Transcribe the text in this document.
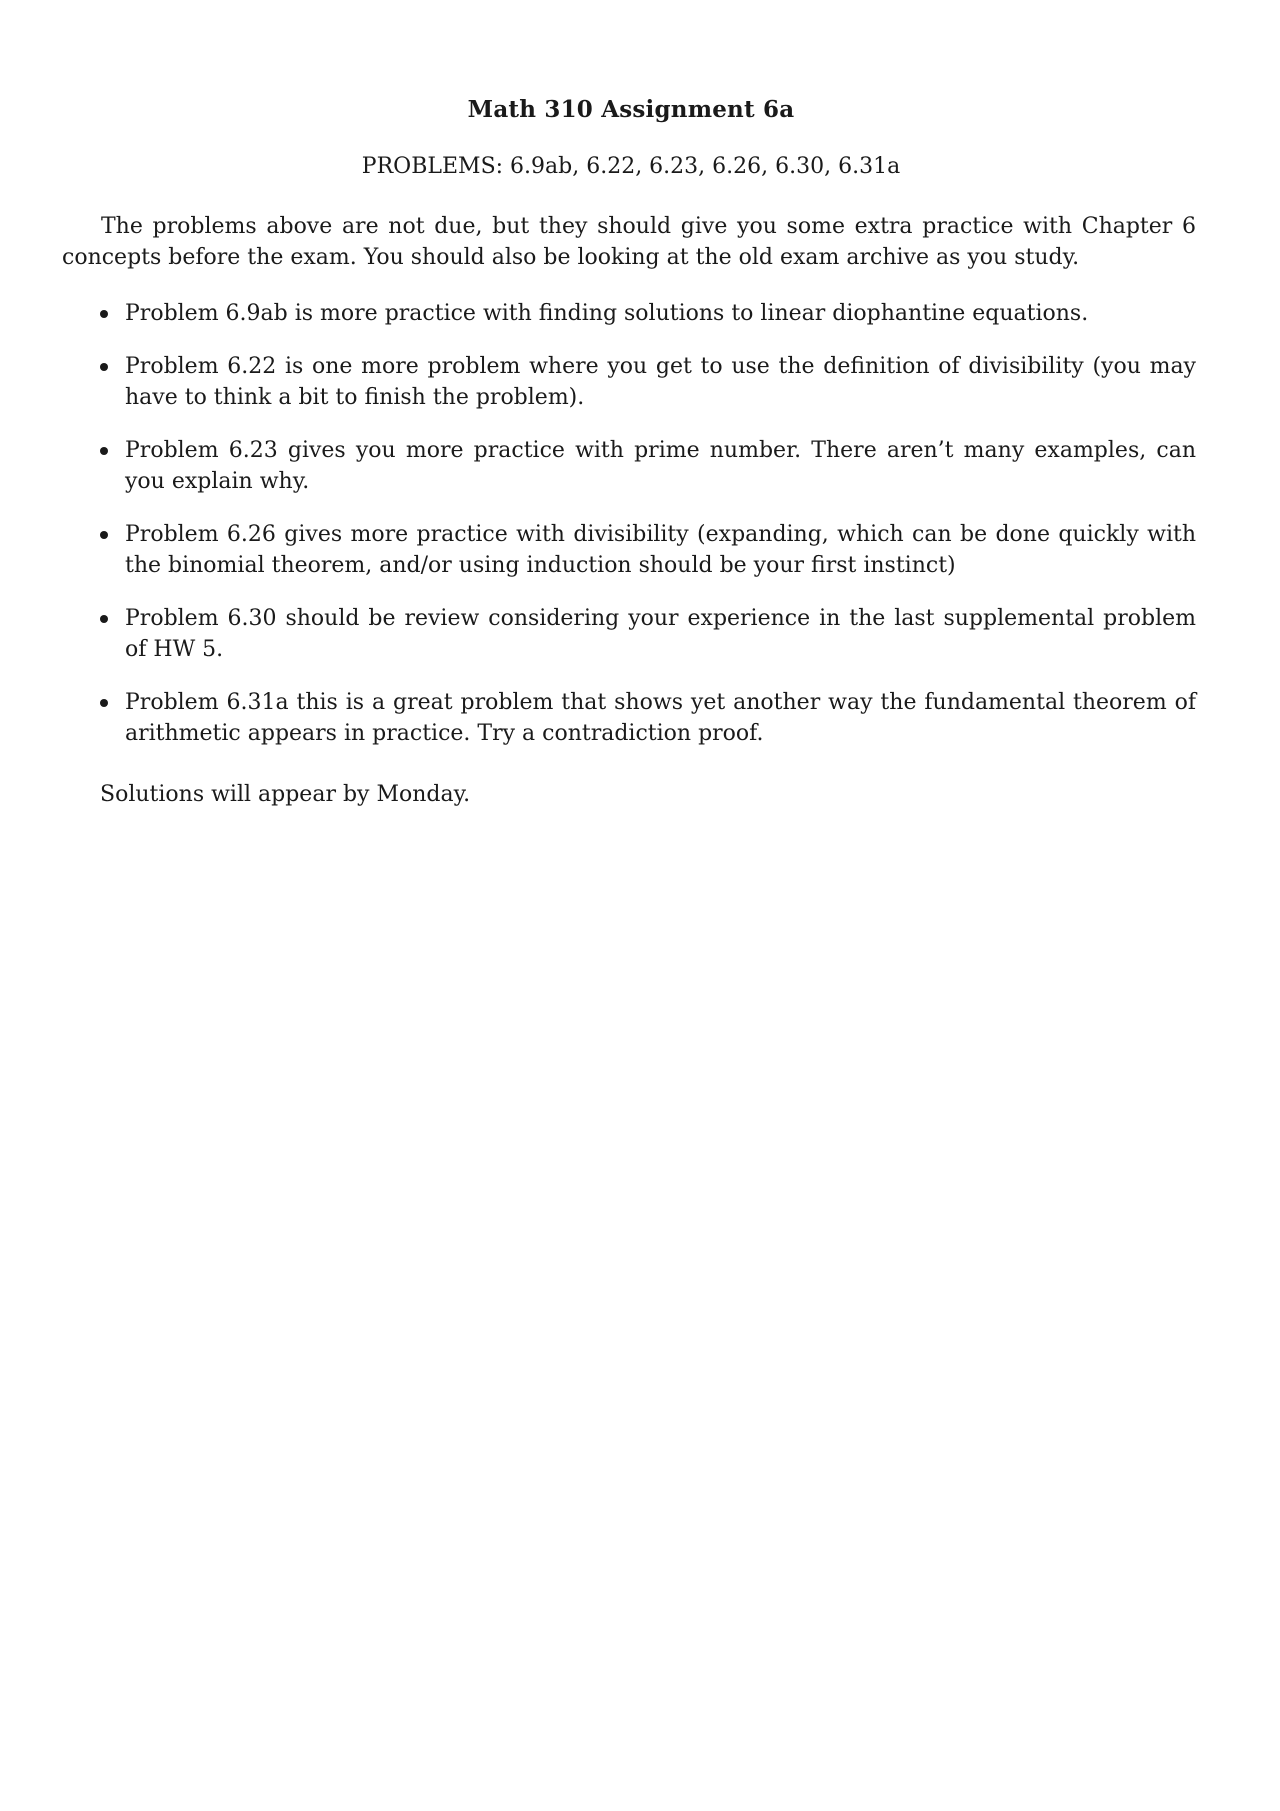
Math 310 Assignment 6a
PROBLEMS: 6.9ab, 6.22, 6.23, 6.26, 6.30, 6.31a

The problems above are not due, but they should give you some extra practice with Chapter 6 concepts before the exam. You should also be looking at the old exam archive as you study.

Problem 6.9ab is more practice with finding solutions to linear diophantine equations.
Problem 6.22 is one more problem where you get to use the definition of divisibility (you may have to think a bit to finish the problem).
Problem 6.23 gives you more practice with prime number. There aren’t many examples, can you explain why.
Problem 6.26 gives more practice with divisibility (expanding, which can be done quickly with the binomial theorem, and/or using induction should be your first instinct)
Problem 6.30 should be review considering your experience in the last supplemental problem of HW 5.
Problem 6.31a this is a great problem that shows yet another way the fundamental theorem of arithmetic appears in practice. Try a contradiction proof.

Solutions will appear by Monday.
